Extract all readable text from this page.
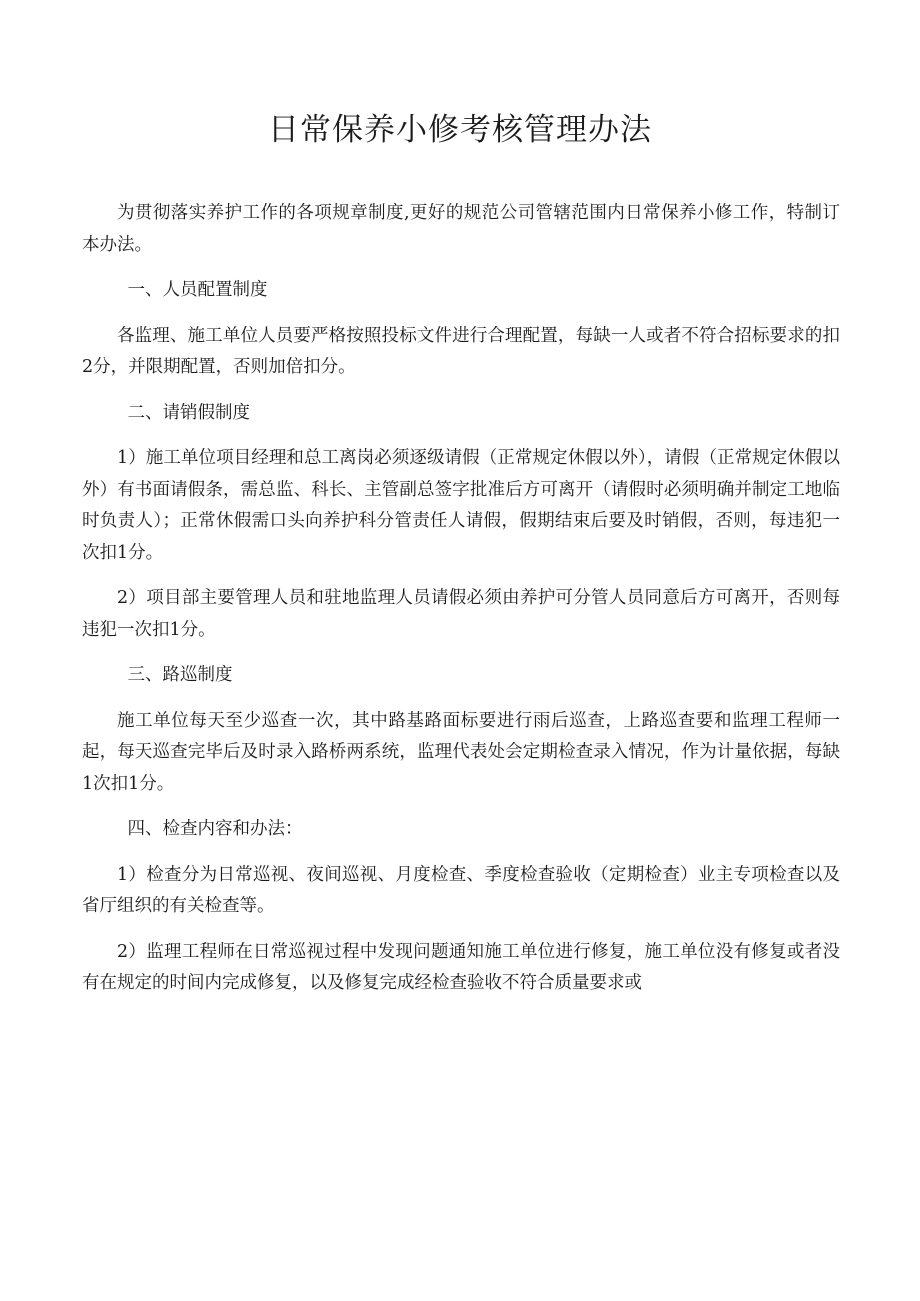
日常保养小修考核管理办法

为贯彻落实养护工作的各项规章制度,更好的规范公司管辖范围内日常保养小修工作，特制订本办法。

一、人员配置制度

各监理、施工单位人员要严格按照投标文件进行合理配置，每缺一人或者不符合招标要求的扣2分，并限期配置，否则加倍扣分。

二、请销假制度

1）施工单位项目经理和总工离岗必须逐级请假（正常规定休假以外），请假（正常规定休假以外）有书面请假条，需总监、科长、主管副总签字批准后方可离开（请假时必须明确并制定工地临时负责人）；正常休假需口头向养护科分管责任人请假，假期结束后要及时销假，否则，每违犯一次扣1分。

2）项目部主要管理人员和驻地监理人员请假必须由养护可分管人员同意后方可离开，否则每违犯一次扣1分。

三、路巡制度

施工单位每天至少巡查一次，其中路基路面标要进行雨后巡查，上路巡查要和监理工程师一起，每天巡查完毕后及时录入路桥两系统，监理代表处会定期检查录入情况，作为计量依据，每缺1次扣1分。

四、检查内容和办法：

1）检查分为日常巡视、夜间巡视、月度检查、季度检查验收（定期检查）业主专项检查以及省厅组织的有关检查等。

2）监理工程师在日常巡视过程中发现问题通知施工单位进行修复，施工单位没有修复或者没有在规定的时间内完成修复，以及修复完成经检查验收不符合质量要求或
